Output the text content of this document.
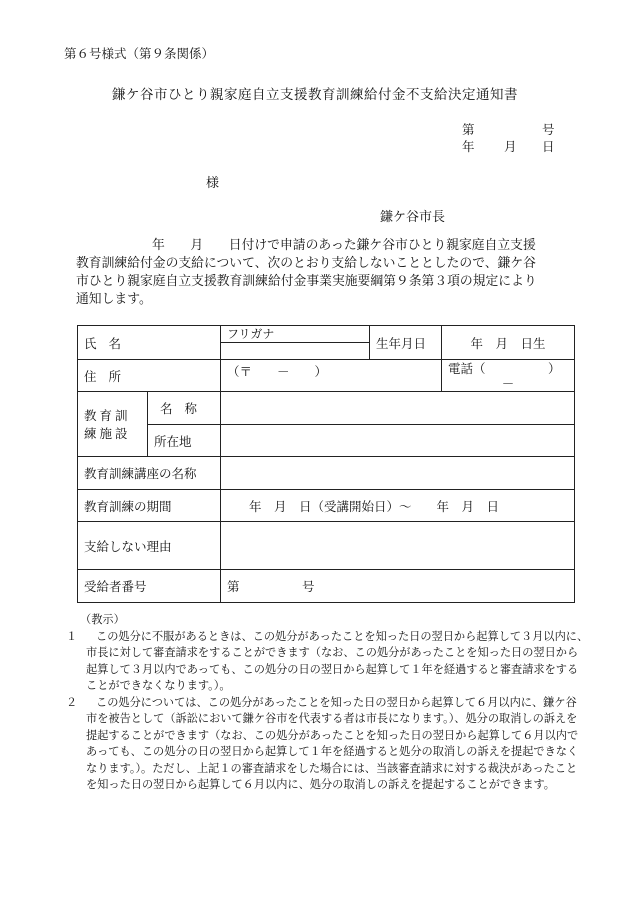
第６号様式（第９条関係）
鎌ケ谷市ひとり親家庭自立支援教育訓練給付金不支給決定通知書
第	号
年 月 日
様
鎌ケ谷市長
年　　月　　日付けで申請のあった鎌ケ谷市ひとり親家庭自立支援
教育訓練給付金の支給について、次のとおり支給しないこととしたので、鎌ケ谷
市ひとり親家庭自立支援教育訓練給付金事業実施要綱第９条第３項の規定により
通知します。
氏名		フリガナ	生年月日	年　月　日生
住所		（〒　　－　　）		電話（　　　　　）
－

教育訓練施設	名称			
	所在地			
教育訓練講座の名称				
教育訓練の期間		年　月　日（受講開始日）～　　年　月　日		
支給しない理由				
受給者番号		第　　　　　号		
（教示）
１	この処分に不服があるときは、この処分があったことを知った日の翌日から起算して３月以内に、
市長に対して審査請求をすることができます（なお、この処分があったことを知った日の翌日から
起算して３月以内であっても、この処分の日の翌日から起算して１年を経過すると審査請求をする
ことができなくなります。）。
２	この処分については、この処分があったことを知った日の翌日から起算して６月以内に、鎌ケ谷
市を被告として（訴訟において鎌ケ谷市を代表する者は市長になります。）、処分の取消しの訴えを
提起することができます（なお、この処分があったことを知った日の翌日から起算して６月以内で
あっても、この処分の日の翌日から起算して１年を経過すると処分の取消しの訴えを提起できなく
なります。）。ただし、上記１の審査請求をした場合には、当該審査請求に対する裁決があったこと
を知った日の翌日から起算して６月以内に、処分の取消しの訴えを提起することができます。
